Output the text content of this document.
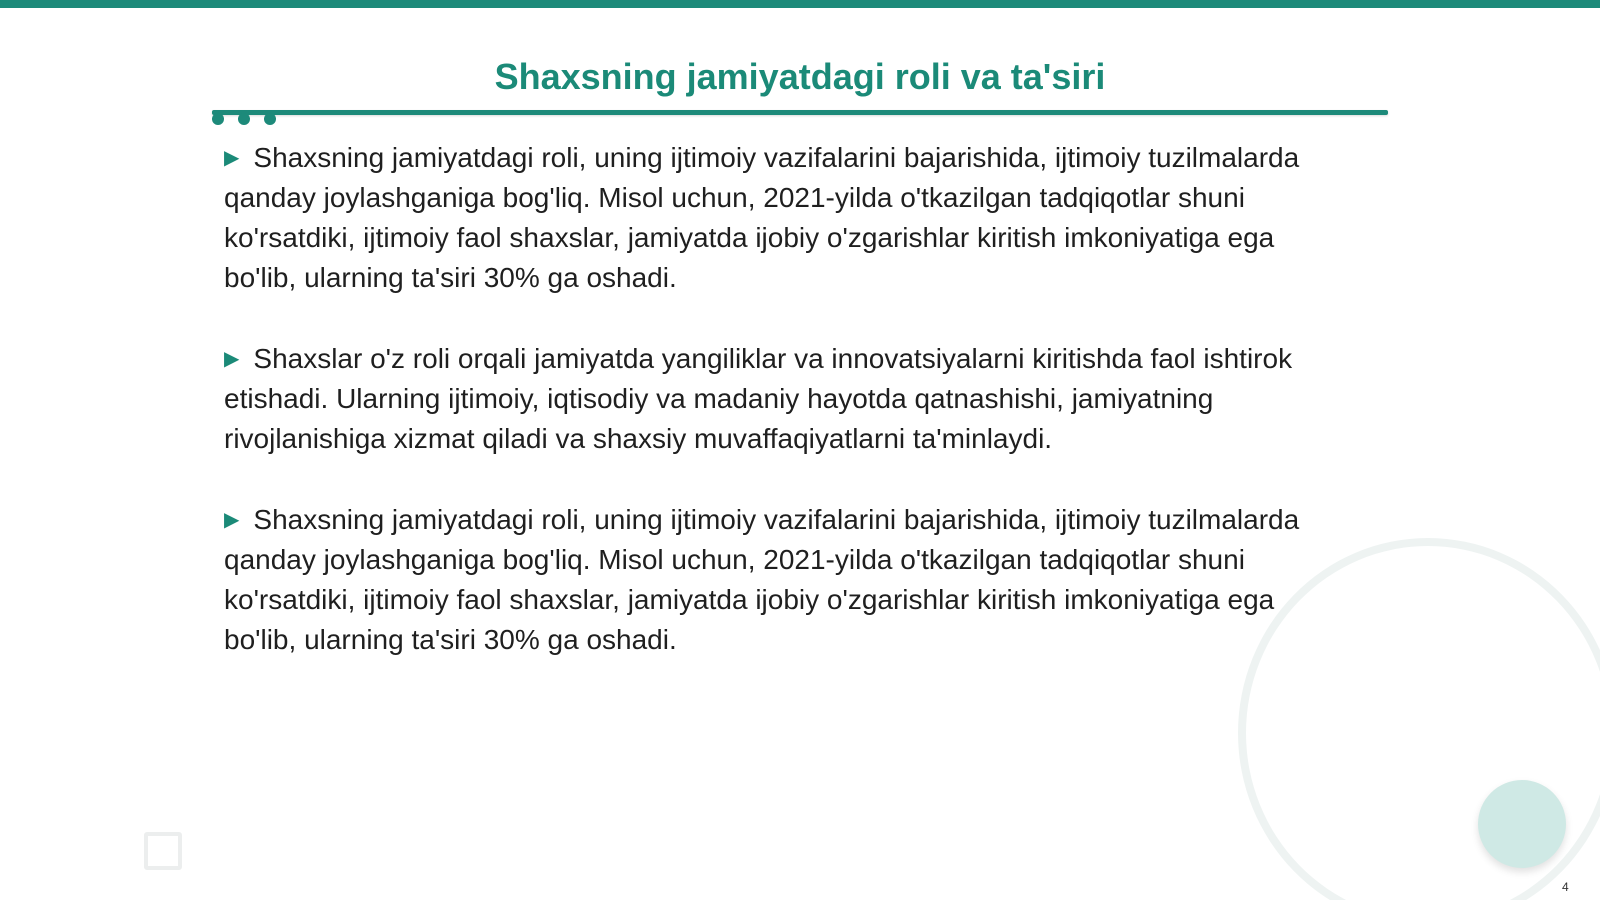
Shaxsning jamiyatdagi roli va ta'siri

▶ Shaxsning jamiyatdagi roli, uning ijtimoiy vazifalarini bajarishida, ijtimoiy tuzilmalarda qanday joylashganiga bog'liq. Misol uchun, 2021-yilda o'tkazilgan tadqiqotlar shuni ko'rsatdiki, ijtimoiy faol shaxslar, jamiyatda ijobiy o'zgarishlar kiritish imkoniyatiga ega bo'lib, ularning ta'siri 30% ga oshadi.

▶ Shaxslar o'z roli orqali jamiyatda yangiliklar va innovatsiyalarni kiritishda faol ishtirok etishadi. Ularning ijtimoiy, iqtisodiy va madaniy hayotda qatnashishi, jamiyatning rivojlanishiga xizmat qiladi va shaxsiy muvaffaqiyatlarni ta'minlaydi.

▶ Shaxsning jamiyatdagi roli, uning ijtimoiy vazifalarini bajarishida, ijtimoiy tuzilmalarda qanday joylashganiga bog'liq. Misol uchun, 2021-yilda o'tkazilgan tadqiqotlar shuni ko'rsatdiki, ijtimoiy faol shaxslar, jamiyatda ijobiy o'zgarishlar kiritish imkoniyatiga ega bo'lib, ularning ta'siri 30% ga oshadi.

4
